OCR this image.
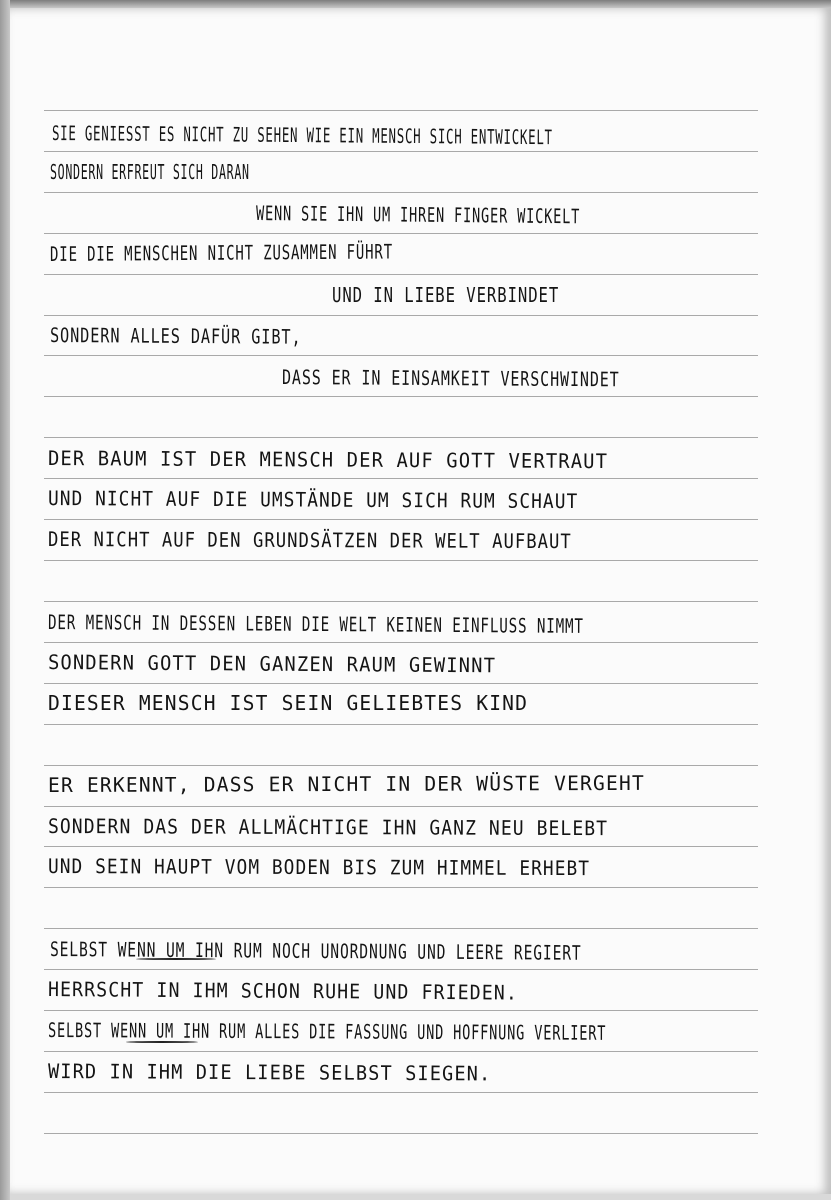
SIE GENIESST ES NICHT ZU SEHEN WIE EIN MENSCH SICH ENTWICKELT
SONDERN ERFREUT SICH DARAN
WENN SIE IHN UM IHREN FINGER WICKELT
DIE DIE MENSCHEN NICHT ZUSAMMEN FÜHRT
UND IN LIEBE VERBINDET
SONDERN ALLES DAFÜR GIBT,
DASS ER IN EINSAMKEIT VERSCHWINDET
DER BAUM IST DER MENSCH DER AUF GOTT VERTRAUT
UND NICHT AUF DIE UMSTÄNDE UM SICH RUM SCHAUT
DER NICHT AUF DEN GRUNDSÄTZEN DER WELT AUFBAUT
DER MENSCH IN DESSEN LEBEN DIE WELT KEINEN EINFLUSS NIMMT
SONDERN GOTT DEN GANZEN RAUM GEWINNT
DIESER MENSCH IST SEIN GELIEBTES KIND
ER ERKENNT, DASS ER NICHT IN DER WÜSTE VERGEHT
SONDERN DAS DER ALLMÄCHTIGE IHN GANZ NEU BELEBT
UND SEIN HAUPT VOM BODEN BIS ZUM HIMMEL ERHEBT
SELBST WENN UM IHN RUM NOCH UNORDNUNG UND LEERE REGIERT
HERRSCHT IN IHM SCHON RUHE UND FRIEDEN.
SELBST WENN UM IHN RUM ALLES DIE FASSUNG UND HOFFNUNG VERLIERT
WIRD IN IHM DIE LIEBE SELBST SIEGEN.
